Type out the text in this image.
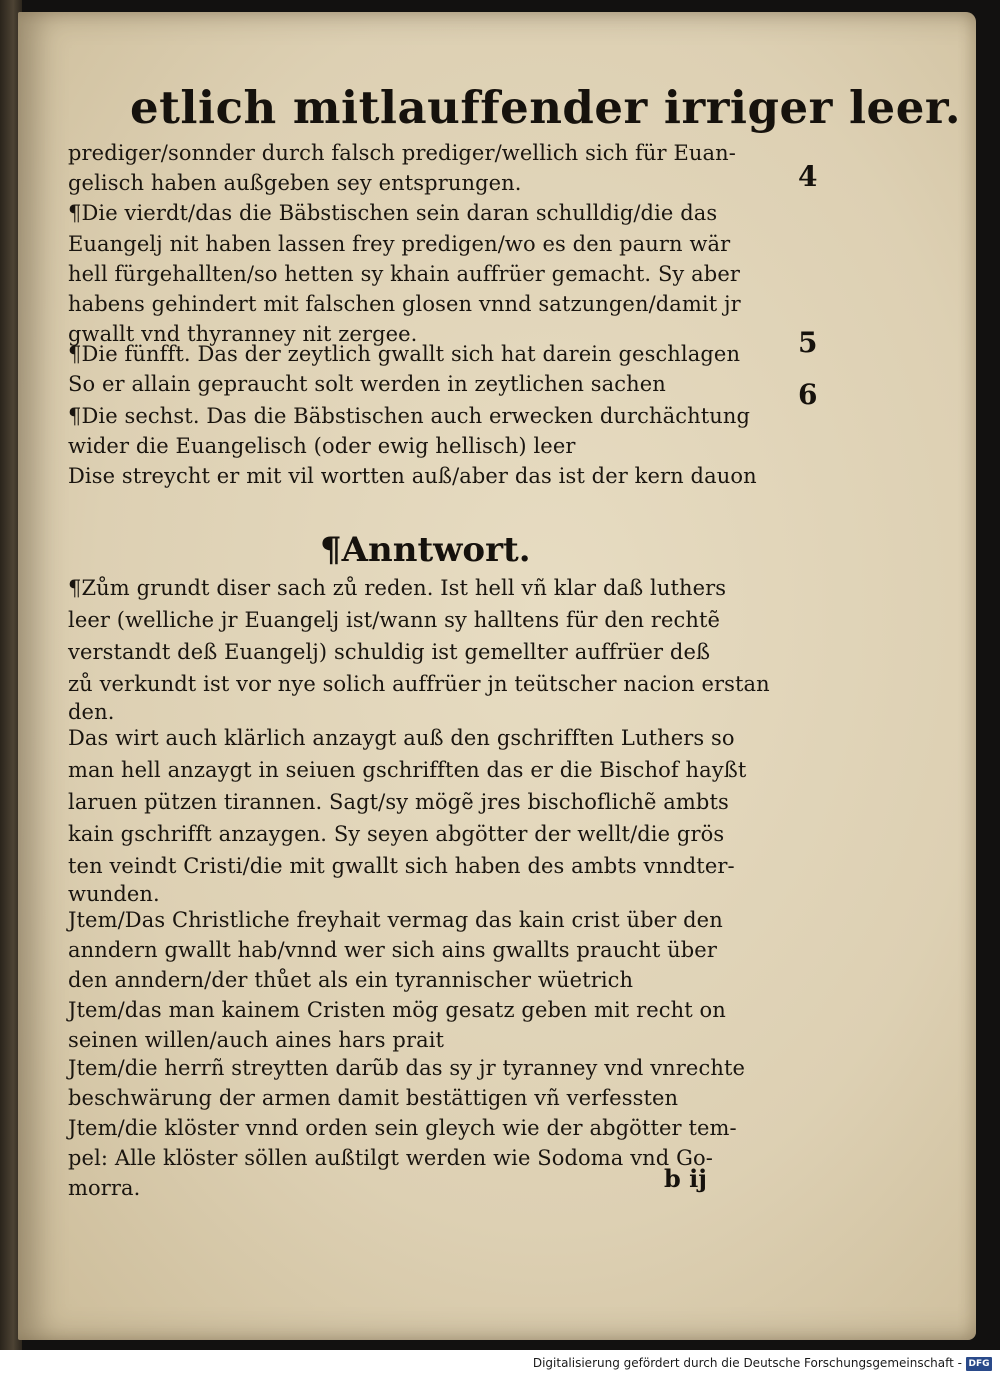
etlich mitlauffender irriger leer.

prediger/sonnder durch falsch prediger/wellich sich für Euan-

gelisch haben außgeben sey entsprungen.

¶Die vierdt/das die Bäbstischen sein daran schulldig/die das

Euangelj nit haben lassen frey predigen/wo es den paurn wär

hell fürgehallten/so hetten sy khain auffrüer gemacht. Sy aber

habens gehindert mit falschen glosen vnnd satzungen/damit jr

gwallt vnd thyranney nit zergee.

¶Die fünfft. Das der zeytlich gwallt sich hat darein geschlagen

So er allain gepraucht solt werden in zeytlichen sachen

¶Die sechst. Das die Bäbstischen auch erwecken durchächtung

wider die Euangelisch (oder ewig hellisch) leer

Dise streycht er mit vil wortten auß/aber das ist der kern dauon

4

5

6

¶Anntwort.

¶Zům grundt diser sach zů reden. Ist hell vñ klar daß luthers

leer (welliche jr Euangelj ist/wann sy halltens für den rechtẽ

verstandt deß Euangelj) schuldig ist gemellter auffrüer deß

zů verkundt ist vor nye solich auffrüer jn teütscher nacion erstan

den.

Das wirt auch klärlich anzaygt auß den gschrifften Luthers so

man hell anzaygt in seiuen gschrifften das er die Bischof hayßt

laruen pützen tirannen. Sagt/sy mögẽ jres bischoflichẽ ambts

kain gschrifft anzaygen. Sy seyen abgötter der wellt/die grös

ten veindt Cristi/die mit gwallt sich haben des ambts vnndter-

wunden.

Jtem/Das Christliche freyhait vermag das kain crist über den

anndern gwallt hab/vnnd wer sich ains gwallts praucht über

den anndern/der thůet als ein tyrannischer wüetrich

Jtem/das man kainem Cristen mög gesatz geben mit recht on

seinen willen/auch aines hars prait

Jtem/die herrñ streytten darũb das sy jr tyranney vnd vnrechte

beschwärung der armen damit bestättigen vñ verfessten

Jtem/die klöster vnnd orden sein gleych wie der abgötter tem-

pel: Alle klöster söllen außtilgt werden wie Sodoma vnd Go-

morra.	b ij

Digitalisierung gefördert durch die Deutsche Forschungsgemeinschaft - DFG
